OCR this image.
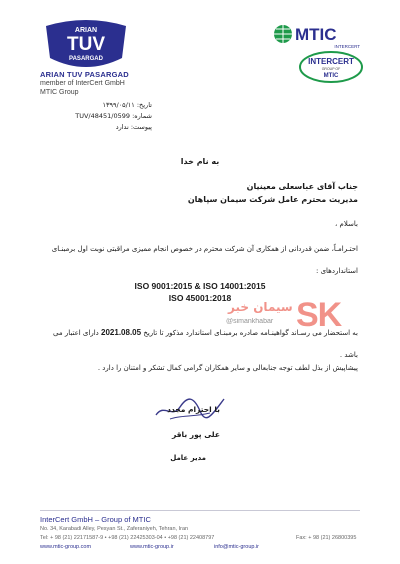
ARIAN
TUV
PASARGAD
ARIAN TUV PASARGAD
member of InterCert GmbH
MTIC Group
MTIC
INTERCERT
INTERCERT
GROUP OF
MTIC
تاریخ: ۱۳۹۹/۰۵/۱۱
شماره: TUV/48451/0599
پیوست: ندارد
به نام خدا
جناب آقای عباسعلی معینیان
مدیریت محترم عامل شرکت سیمان سپاهان
باسلام ،
احتـرامـاً، ضمن قدردانی از همکاری آن شرکت محترم در خصوص انجام ممیزی مراقبتی نوبت اول برمبنـای استانداردهای :
ISO 9001:2015 & ISO 14001:2015
ISO 45001:2018
سیمان خبر SK
@simankhabar
به استحضار می رسـاند گواهینـامه صادره برمبنـای استاندارد مذکور تا تاریخ 2021.08.05 دارای اعتبار می باشد .
پیشاپیش از بذل لطف توجه جنابعالی و سایر همکاران گرامی کمال تشکر و امتنان را دارد .
با احترام مجدد
علی پور باقر
مدیر عامل
InterCert GmbH – Group of MTIC
No. 34, Karabadi Alley, Pesyan St., Zaferaniyeh, Tehran, Iran
Tel: + 98 (21) 22171587-9 • +98 (21) 22425303-04 • +98 (21) 22408797	Fax: + 98 (21) 26800395
www.mtic-group.com	www.mtic-group.ir	info@mtic-group.ir
